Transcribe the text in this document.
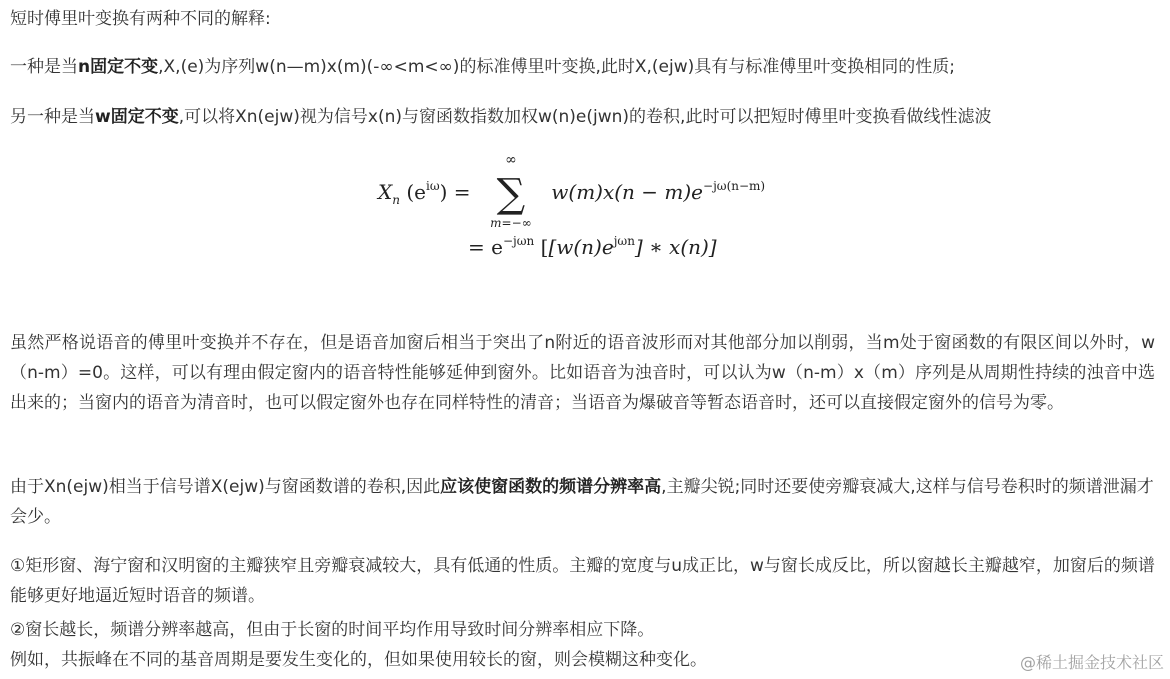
短时傅里叶变换有两种不同的解释:

一种是当n固定不变,X,(e)为序列w(n—m)x(m)(-∞<m<∞)的标准傅里叶变换,此时X,(ejw)具有与标准傅里叶变换相同的性质;

另一种是当w固定不变,可以将Xn(ejw)视为信号x(n)与窗函数指数加权w(n)e(jwn)的卷积,此时可以把短时傅里叶变换看做线性滤波

虽然严格说语音的傅里叶变换并不存在，但是语音加窗后相当于突出了n附近的语音波形而对其他部分加以削弱，当m处于窗函数的有限区间以外时，w（n-m）=0。这样，可以有理由假定窗内的语音特性能够延伸到窗外。比如语音为浊音时，可以认为w（n-m）x（m）序列是从周期性持续的浊音中选出来的；当窗内的语音为清音时，也可以假定窗外也存在同样特性的清音；当语音为爆破音等暂态语音时，还可以直接假定窗外的信号为零。

由于Xn(ejw)相当于信号谱X(ejw)与窗函数谱的卷积,因此应该使窗函数的频谱分辨率高,主瓣尖锐;同时还要使旁瓣衰减大,这样与信号卷积时的频谱泄漏才会少。

①矩形窗、海宁窗和汉明窗的主瓣狭窄且旁瓣衰减较大，具有低通的性质。主瓣的宽度与u成正比，w与窗长成反比，所以窗越长主瓣越窄，加窗后的频谱能够更好地逼近短时语音的频谱。

②窗长越长，频谱分辨率越高，但由于长窗的时间平均作用导致时间分辨率相应下降。

例如，共振峰在不同的基音周期是要发生变化的，但如果使用较长的窗，则会模糊这种变化。

$X_n$ $(e^{i\omega})$ =
∞
∑
m=−∞
$w(m)x(n - m)e^{-j\omega(n-m)}$
= $e^{-j\omega n}$ [$[w(n)e^{j\omega n}]$ ∗ x(n)]
@稀土掘金技术社区
